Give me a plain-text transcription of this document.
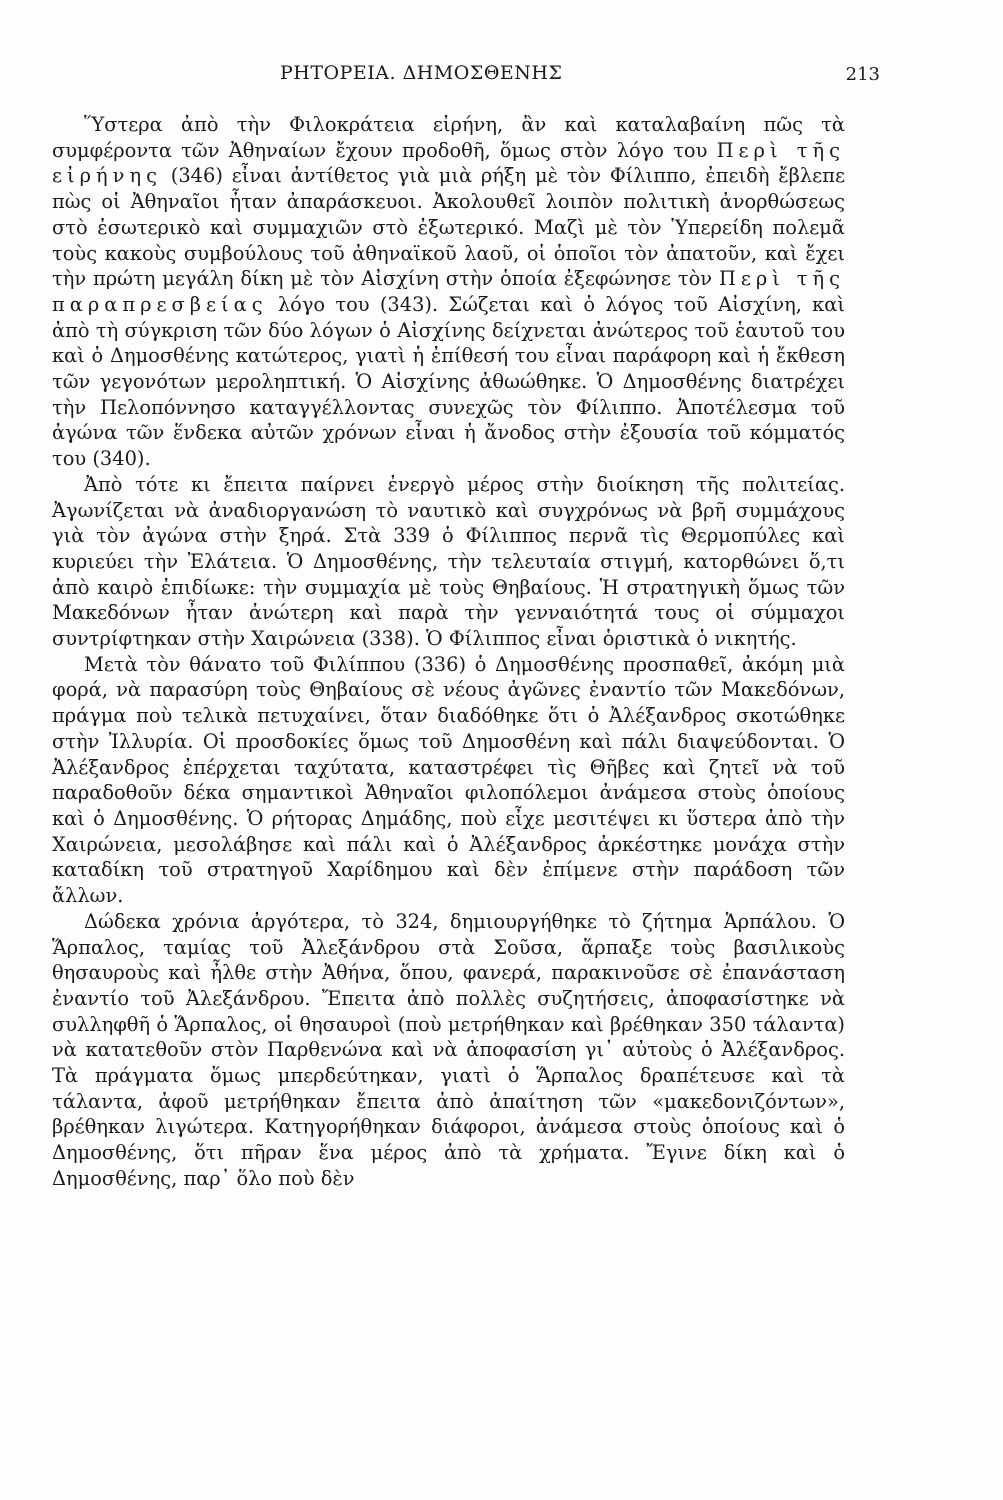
ΡΗΤΟΡΕΙΑ. ΔΗΜΟΣΘΕΝΗΣ	213

Ὕστερα ἀπὸ τὴν Φιλοκράτεια εἰρήνη, ἂν καὶ καταλαβαίνη πῶς τὰ συμφέροντα τῶν Ἀθηναίων ἔχουν προδοθῆ, ὅμως στὸν λόγο του Περὶ τῆς εἰρήνης (346) εἶναι ἀντίθετος γιὰ μιὰ ρήξη μὲ τὸν Φίλιππο, ἐπειδὴ ἔβλεπε πὼς οἱ Ἀθηναῖοι ἦταν ἀπαράσκευοι. Ἀκολουθεῖ λοιπὸν πολιτικὴ ἀνορθώσεως στὸ ἐσωτερικὸ καὶ συμμαχιῶν στὸ ἐξωτερικό. Μαζὶ μὲ τὸν Ὑπερείδη πολεμᾶ τοὺς κακοὺς συμβούλους τοῦ ἀθηναϊκοῦ λαοῦ, οἱ ὁποῖοι τὸν ἀπατοῦν, καὶ ἔχει τὴν πρώτη μεγάλη δίκη μὲ τὸν Αἰσχίνη στὴν ὁποία ἐξεφώνησε τὸν Περὶ τῆς παραπρεσβείας λόγο του (343). Σώζεται καὶ ὁ λόγος τοῦ Αἰσχίνη, καὶ ἀπὸ τὴ σύγκριση τῶν δύο λόγων ὁ Αἰσχίνης δείχνεται ἀνώτερος τοῦ ἑαυτοῦ του καὶ ὁ Δημοσθένης κατώτερος, γιατὶ ἡ ἐπίθεσή του εἶναι παράφορη καὶ ἡ ἔκθεση τῶν γεγονότων μεροληπτική. Ὁ Αἰσχίνης ἀθωώθηκε. Ὁ Δημοσθένης διατρέχει τὴν Πελοπόννησο καταγγέλλοντας συνεχῶς τὸν Φίλιππο. Ἀποτέλεσμα τοῦ ἀγώνα τῶν ἕνδεκα αὐτῶν χρόνων εἶναι ἡ ἄνοδος στὴν ἐξουσία τοῦ κόμματός του (340).

Ἀπὸ τότε κι ἔπειτα παίρνει ἐνεργὸ μέρος στὴν διοίκηση τῆς πολιτείας. Ἀγωνίζεται νὰ ἀναδιοργανώση τὸ ναυτικὸ καὶ συγχρόνως νὰ βρῆ συμμάχους γιὰ τὸν ἀγώνα στὴν ξηρά. Στὰ 339 ὁ Φίλιππος περνᾶ τὶς Θερμοπύλες καὶ κυριεύει τὴν Ἐλάτεια. Ὁ Δημοσθένης, τὴν τελευταία στιγμή, κατορθώνει ὅ,τι ἀπὸ καιρὸ ἐπιδίωκε: τὴν συμμαχία μὲ τοὺς Θηβαίους. Ἡ στρατηγικὴ ὅμως τῶν Μακεδόνων ἦταν ἀνώτερη καὶ παρὰ τὴν γενναιότητά τους οἱ σύμμαχοι συντρίφτηκαν στὴν Χαιρώνεια (338). Ὁ Φίλιππος εἶναι ὁριστικὰ ὁ νικητής.

Μετὰ τὸν θάνατο τοῦ Φιλίππου (336) ὁ Δημοσθένης προσπαθεῖ, ἀκόμη μιὰ φορά, νὰ παρασύρη τοὺς Θηβαίους σὲ νέους ἀγῶνες ἐναντίο τῶν Μακεδόνων, πράγμα ποὺ τελικὰ πετυχαίνει, ὅταν διαδόθηκε ὅτι ὁ Ἀλέξανδρος σκοτώθηκε στὴν Ἰλλυρία. Οἱ προσδοκίες ὅμως τοῦ Δημοσθένη καὶ πάλι διαψεύδονται. Ὁ Ἀλέξανδρος ἐπέρχεται ταχύτατα, καταστρέφει τὶς Θῆβες καὶ ζητεῖ νὰ τοῦ παραδοθοῦν δέκα σημαντικοὶ Ἀθηναῖοι φιλοπόλεμοι ἀνάμεσα στοὺς ὁποίους καὶ ὁ Δημοσθένης. Ὁ ρήτορας Δημάδης, ποὺ εἶχε μεσιτέψει κι ὕστερα ἀπὸ τὴν Χαιρώνεια, μεσολάβησε καὶ πάλι καὶ ὁ Ἀλέξανδρος ἀρκέστηκε μονάχα στὴν καταδίκη τοῦ στρατηγοῦ Χαρίδημου καὶ δὲν ἐπίμενε στὴν παράδοση τῶν ἄλλων.

Δώδεκα χρόνια ἀργότερα, τὸ 324, δημιουργήθηκε τὸ ζήτημα Ἁρπάλου. Ὁ Ἅρπαλος, ταμίας τοῦ Ἀλεξάνδρου στὰ Σοῦσα, ἅρπαξε τοὺς βασιλικοὺς θησαυροὺς καὶ ἦλθε στὴν Ἀθήνα, ὅπου, φανερά, παρακινοῦσε σὲ ἐπανάσταση ἐναντίο τοῦ Ἀλεξάνδρου. Ἔπειτα ἀπὸ πολλὲς συζητήσεις, ἀποφασίστηκε νὰ συλληφθῆ ὁ Ἅρπαλος, οἱ θησαυροὶ (ποὺ μετρήθηκαν καὶ βρέθηκαν 350 τάλαντα) νὰ κατατεθοῦν στὸν Παρθενώνα καὶ νὰ ἀποφασίση γι᾽ αὐτοὺς ὁ Ἀλέξανδρος. Τὰ πράγματα ὅμως μπερδεύτηκαν, γιατὶ ὁ Ἅρπαλος δραπέτευσε καὶ τὰ τάλαντα, ἀφοῦ μετρήθηκαν ἔπειτα ἀπὸ ἀπαίτηση τῶν «μακεδονιζόντων», βρέθηκαν λιγώτερα. Κατηγορήθηκαν διάφοροι, ἀνάμεσα στοὺς ὁποίους καὶ ὁ Δημοσθένης, ὅτι πῆραν ἕνα μέρος ἀπὸ τὰ χρήματα. Ἔγινε δίκη καὶ ὁ Δημοσθένης, παρ᾽ ὅλο ποὺ δὲν
